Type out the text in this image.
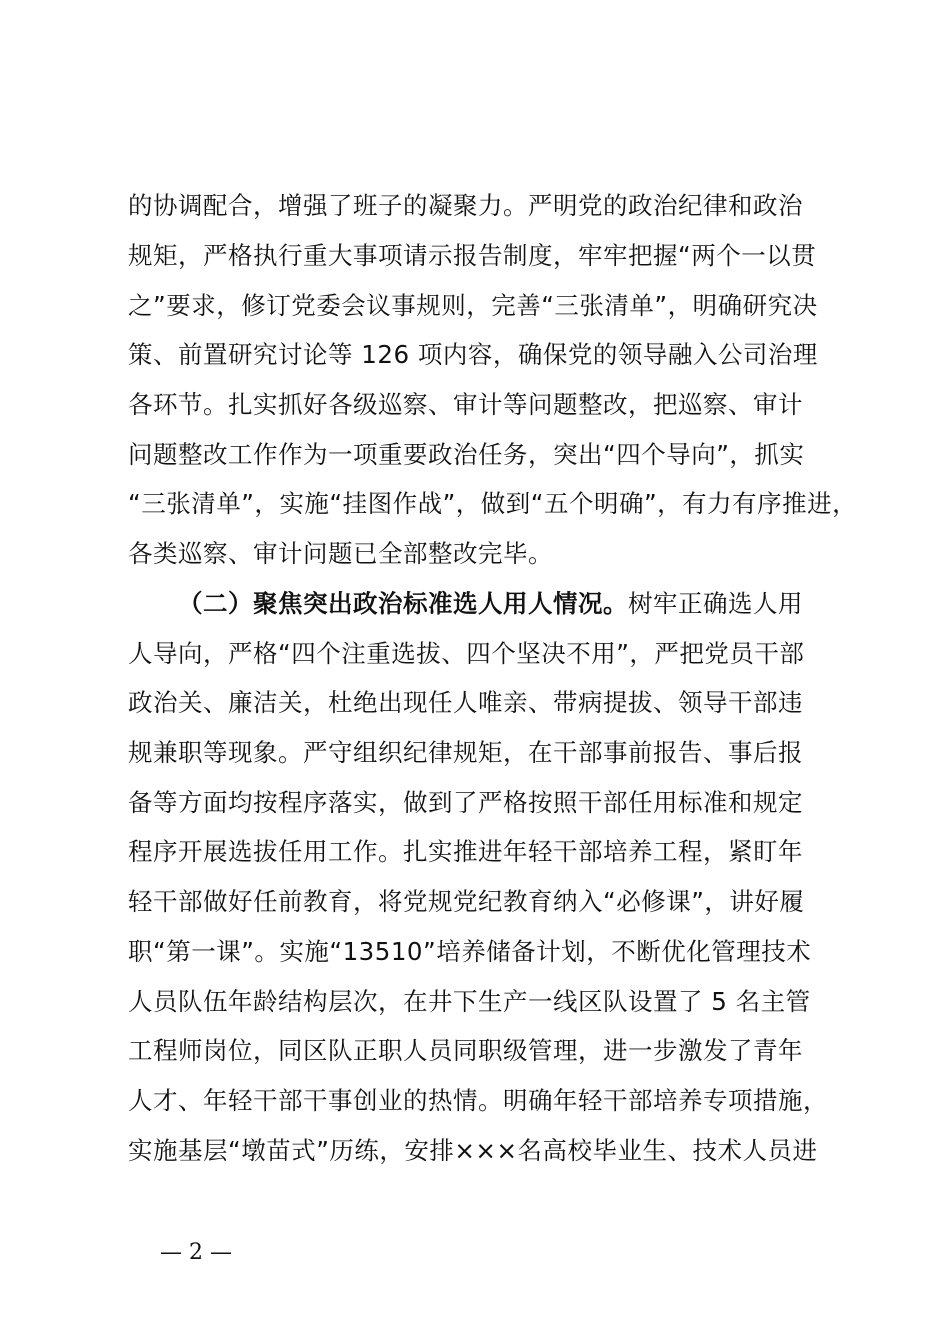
的协调配合，增强了班子的凝聚力。严明党的政治纪律和政治
规矩，严格执行重大事项请示报告制度，牢牢把握“两个一以贯
之”要求，修订党委会议事规则，完善“三张清单”，明确研究决
策、前置研究讨论等 126 项内容，确保党的领导融入公司治理
各环节。扎实抓好各级巡察、审计等问题整改，把巡察、审计
问题整改工作作为一项重要政治任务，突出“四个导向”，抓实
“三张清单”，实施“挂图作战”，做到“五个明确”，有力有序推进，
各类巡察、审计问题已全部整改完毕。
（二）聚焦突出政治标准选人用人情况。树牢正确选人用
人导向，严格“四个注重选拔、四个坚决不用”，严把党员干部
政治关、廉洁关，杜绝出现任人唯亲、带病提拔、领导干部违
规兼职等现象。严守组织纪律规矩，在干部事前报告、事后报
备等方面均按程序落实，做到了严格按照干部任用标准和规定
程序开展选拔任用工作。扎实推进年轻干部培养工程，紧盯年
轻干部做好任前教育，将党规党纪教育纳入“必修课”，讲好履
职“第一课”。实施“13510”培养储备计划，不断优化管理技术
人员队伍年龄结构层次，在井下生产一线区队设置了 5 名主管
工程师岗位，同区队正职人员同职级管理，进一步激发了青年
人才、年轻干部干事创业的热情。明确年轻干部培养专项措施，
实施基层“墩苗式”历练，安排×××名高校毕业生、技术人员进
— 2 —
